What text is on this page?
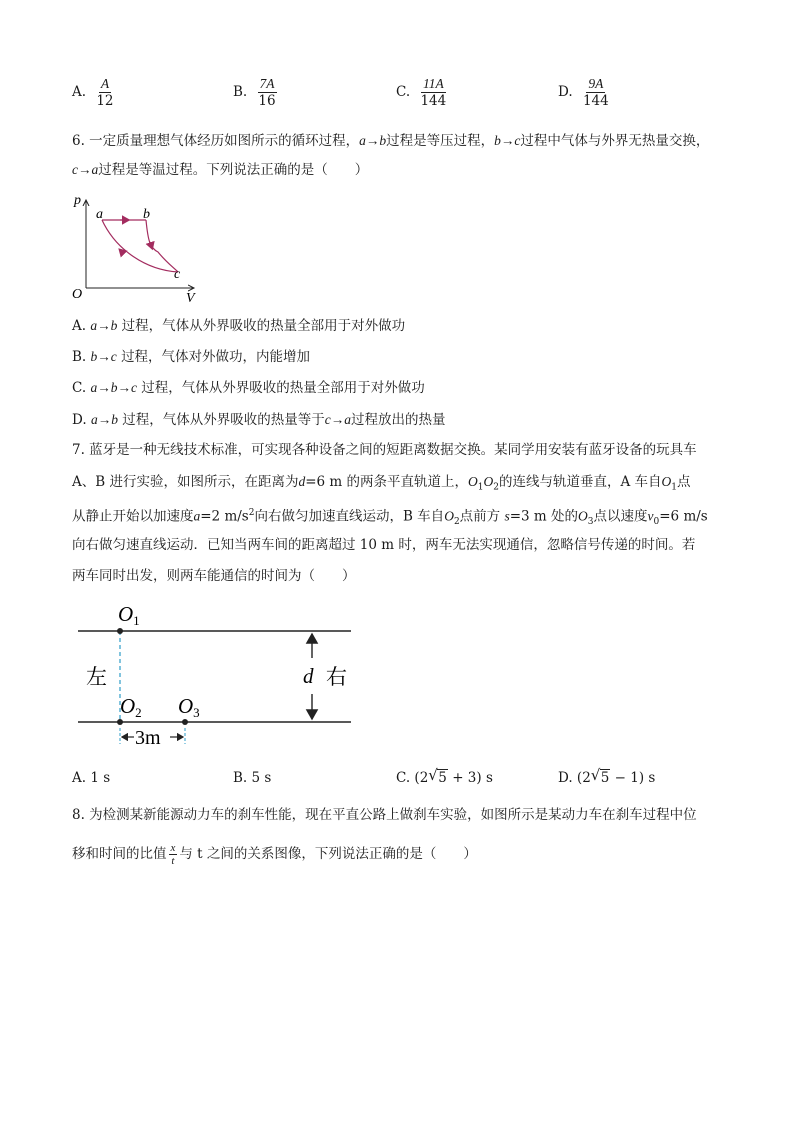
A. $\frac{A}{12}$	B. $\frac{7A}{16}$	C. $\frac{11A}{144}$	D. $\frac{9A}{144}$
6. 一定质量理想气体经历如图所示的循环过程，a→b过程是等压过程，b→c过程中气体与外界无热量交换，
c→a过程是等温过程。下列说法正确的是（　　）
p
V
O
a	b
c
A. a→b 过程，气体从外界吸收的热量全部用于对外做功
B. b→c 过程，气体对外做功，内能增加
C. a→b→c 过程，气体从外界吸收的热量全部用于对外做功
D. a→b 过程，气体从外界吸收的热量等于c→a过程放出的热量
7. 蓝牙是一种无线技术标准，可实现各种设备之间的短距离数据交换。某同学用安装有蓝牙设备的玩具车
A、B 进行实验，如图所示，在距离为d=6 m 的两条平直轨道上，$O_1O_2$的连线与轨道垂直，A 车自$O_1$点
从静止开始以加速度a=2 $m/s^2$向右做匀加速直线运动，B 车自$O_2$点前方 s=3 m 处的$O_3$点以速度$v_0=6$ m/s
向右做匀速直线运动．已知当两车间的距离超过 10 m 时，两车无法实现通信，忽略信号传递的时间。若
两车同时出发，则两车能通信的时间为（　　）
O1
O2 O3
左	右
d
3m
A. 1 s	B. 5 s	C. (2 √ 5 + 3) s	D. (2 √ 5 − 1) s
8. 为检测某新能源动力车的刹车性能，现在平直公路上做刹车实验，如图所示是某动力车在刹车过程中位
移和时间的比值 $\frac{x}{t}$ 与 t 之间的关系图像，下列说法正确的是（　　）
